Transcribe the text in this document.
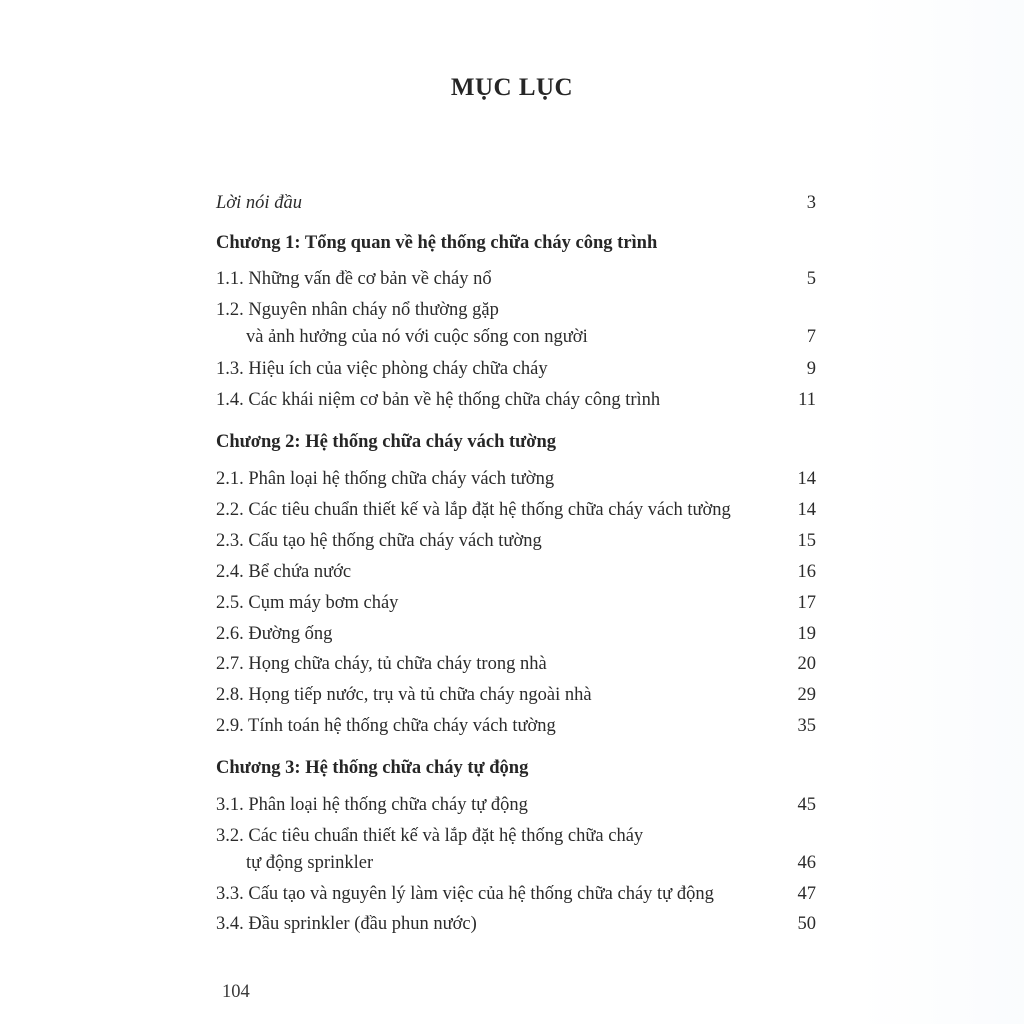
MỤC LỤC
Lời nói đầu	3
Chương 1: Tổng quan về hệ thống chữa cháy công trình
1.1. Những vấn đề cơ bản về cháy nổ	5
1.2. Nguyên nhân cháy nổ thường gặp
và ảnh hưởng của nó với cuộc sống con người	7
1.3. Hiệu ích của việc phòng cháy chữa cháy	9
1.4. Các khái niệm cơ bản về hệ thống chữa cháy công trình	11
Chương 2: Hệ thống chữa cháy vách tường
2.1. Phân loại hệ thống chữa cháy vách tường	14
2.2. Các tiêu chuẩn thiết kế và lắp đặt hệ thống chữa cháy vách tường	14
2.3. Cấu tạo hệ thống chữa cháy vách tường	15
2.4. Bể chứa nước	16
2.5. Cụm máy bơm cháy	17
2.6. Đường ống	19
2.7. Họng chữa cháy, tủ chữa cháy trong nhà	20
2.8. Họng tiếp nước, trụ và tủ chữa cháy ngoài nhà	29
2.9. Tính toán hệ thống chữa cháy vách tường	35
Chương 3: Hệ thống chữa cháy tự động
3.1. Phân loại hệ thống chữa cháy tự động	45
3.2. Các tiêu chuẩn thiết kế và lắp đặt hệ thống chữa cháy
tự động sprinkler	46
3.3. Cấu tạo và nguyên lý làm việc của hệ thống chữa cháy tự động	47
3.4. Đầu sprinkler (đầu phun nước)	50
104
